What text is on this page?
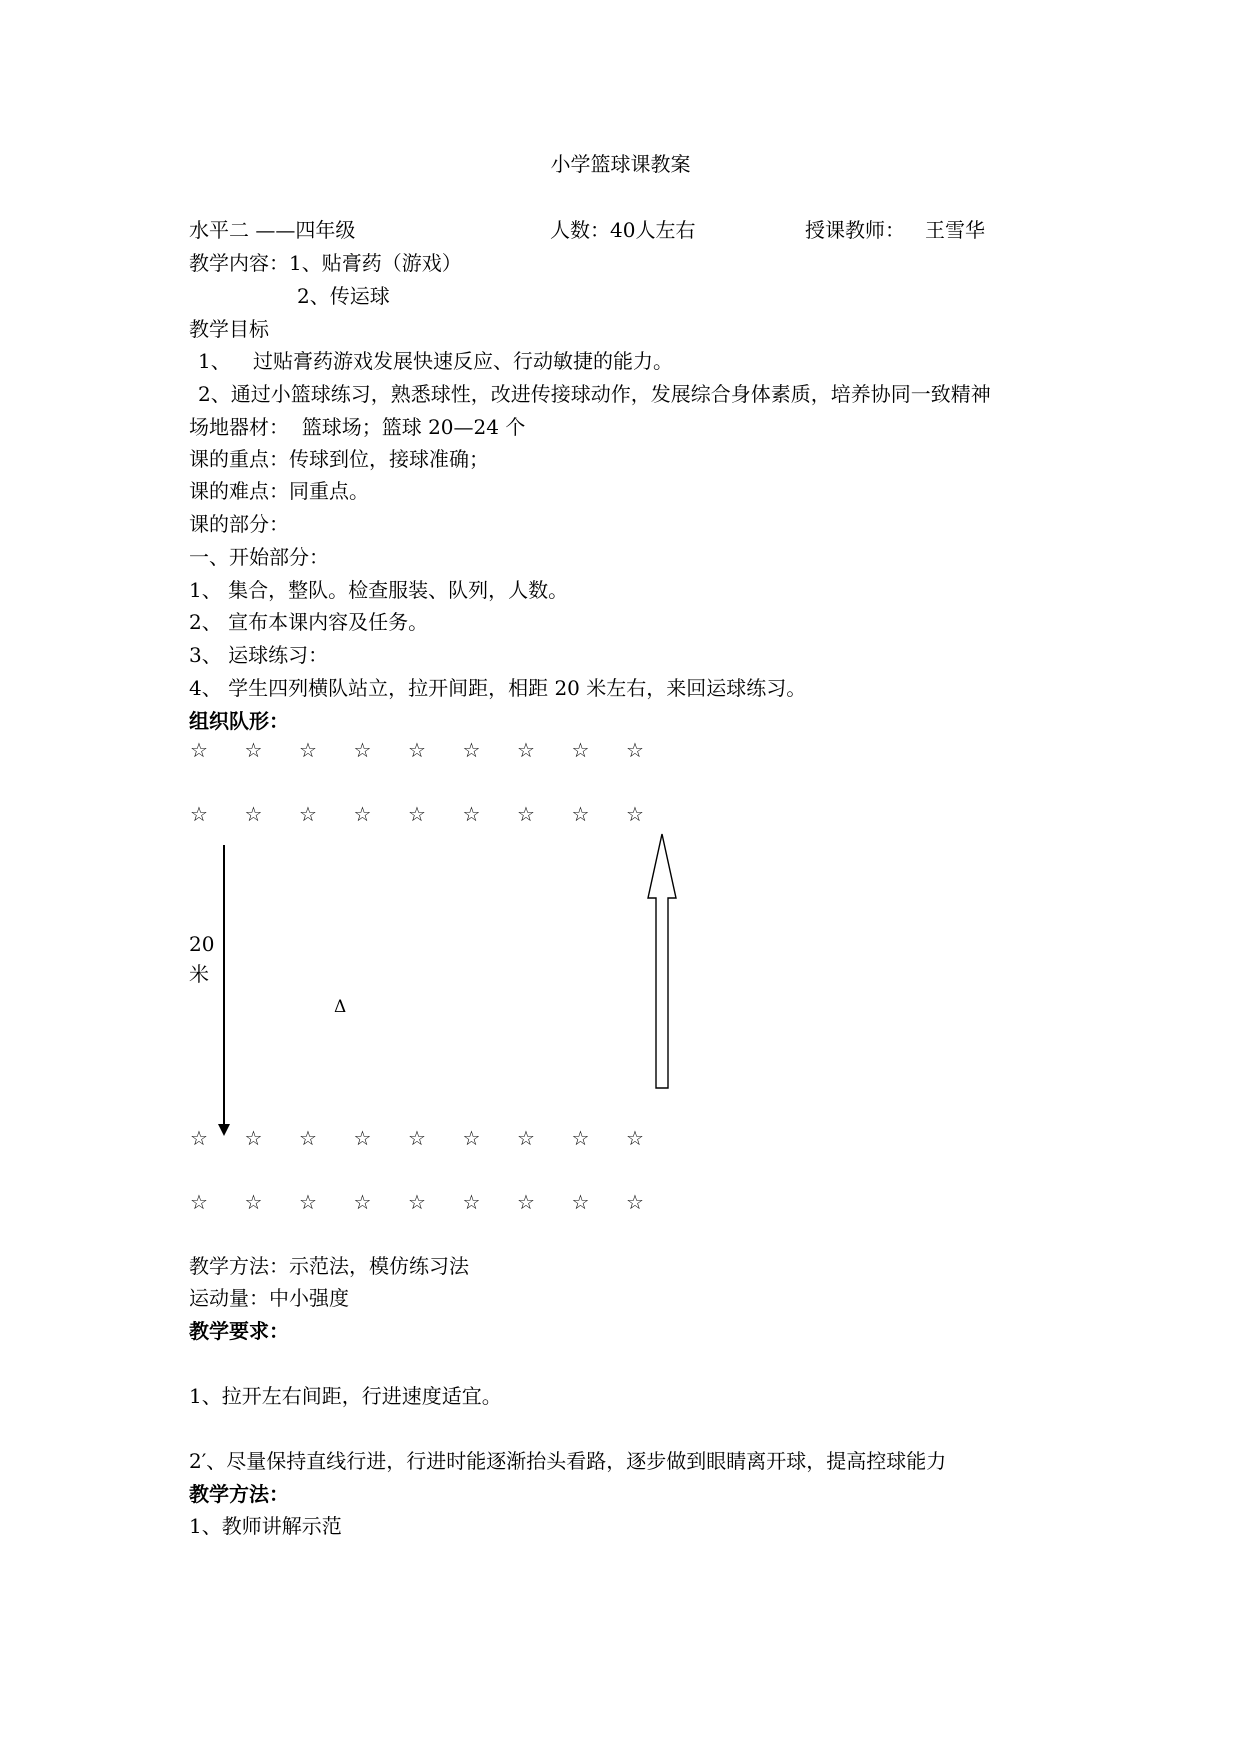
小学篮球课教案
水平二 ——四年级	人数：40人左右	授课教师： 王雪华
教学内容：1、贴膏药（游戏）
2、传运球
教学目标
1、 过贴膏药游戏发展快速反应、行动敏捷的能力。
2、通过小篮球练习，熟悉球性，改进传接球动作，发展综合身体素质，培养协同一致精神
场地器材：  篮球场；篮球 20—24 个
课的重点：传球到位，接球准确；
课的难点：同重点。
课的部分：
一、开始部分：
1、 集合，整队。检查服装、队列，人数。
2、 宣布本课内容及任务。
3、 运球练习：
4、 学生四列横队站立，拉开间距，相距 20 米左右，来回运球练习。
组织队形：
☆ ☆ ☆ ☆ ☆ ☆ ☆ ☆ ☆
☆ ☆ ☆ ☆ ☆ ☆ ☆ ☆ ☆
☆ ☆ ☆ ☆ ☆ ☆ ☆ ☆ ☆
☆ ☆ ☆ ☆ ☆ ☆ ☆ ☆ ☆
20
米
Δ
教学方法：示范法，模仿练习法
运动量：中小强度
教学要求：
1、拉开左右间距，行进速度适宜。
2′、尽量保持直线行进，行进时能逐渐抬头看路，逐步做到眼睛离开球，提高控球能力
教学方法：
1、教师讲解示范
